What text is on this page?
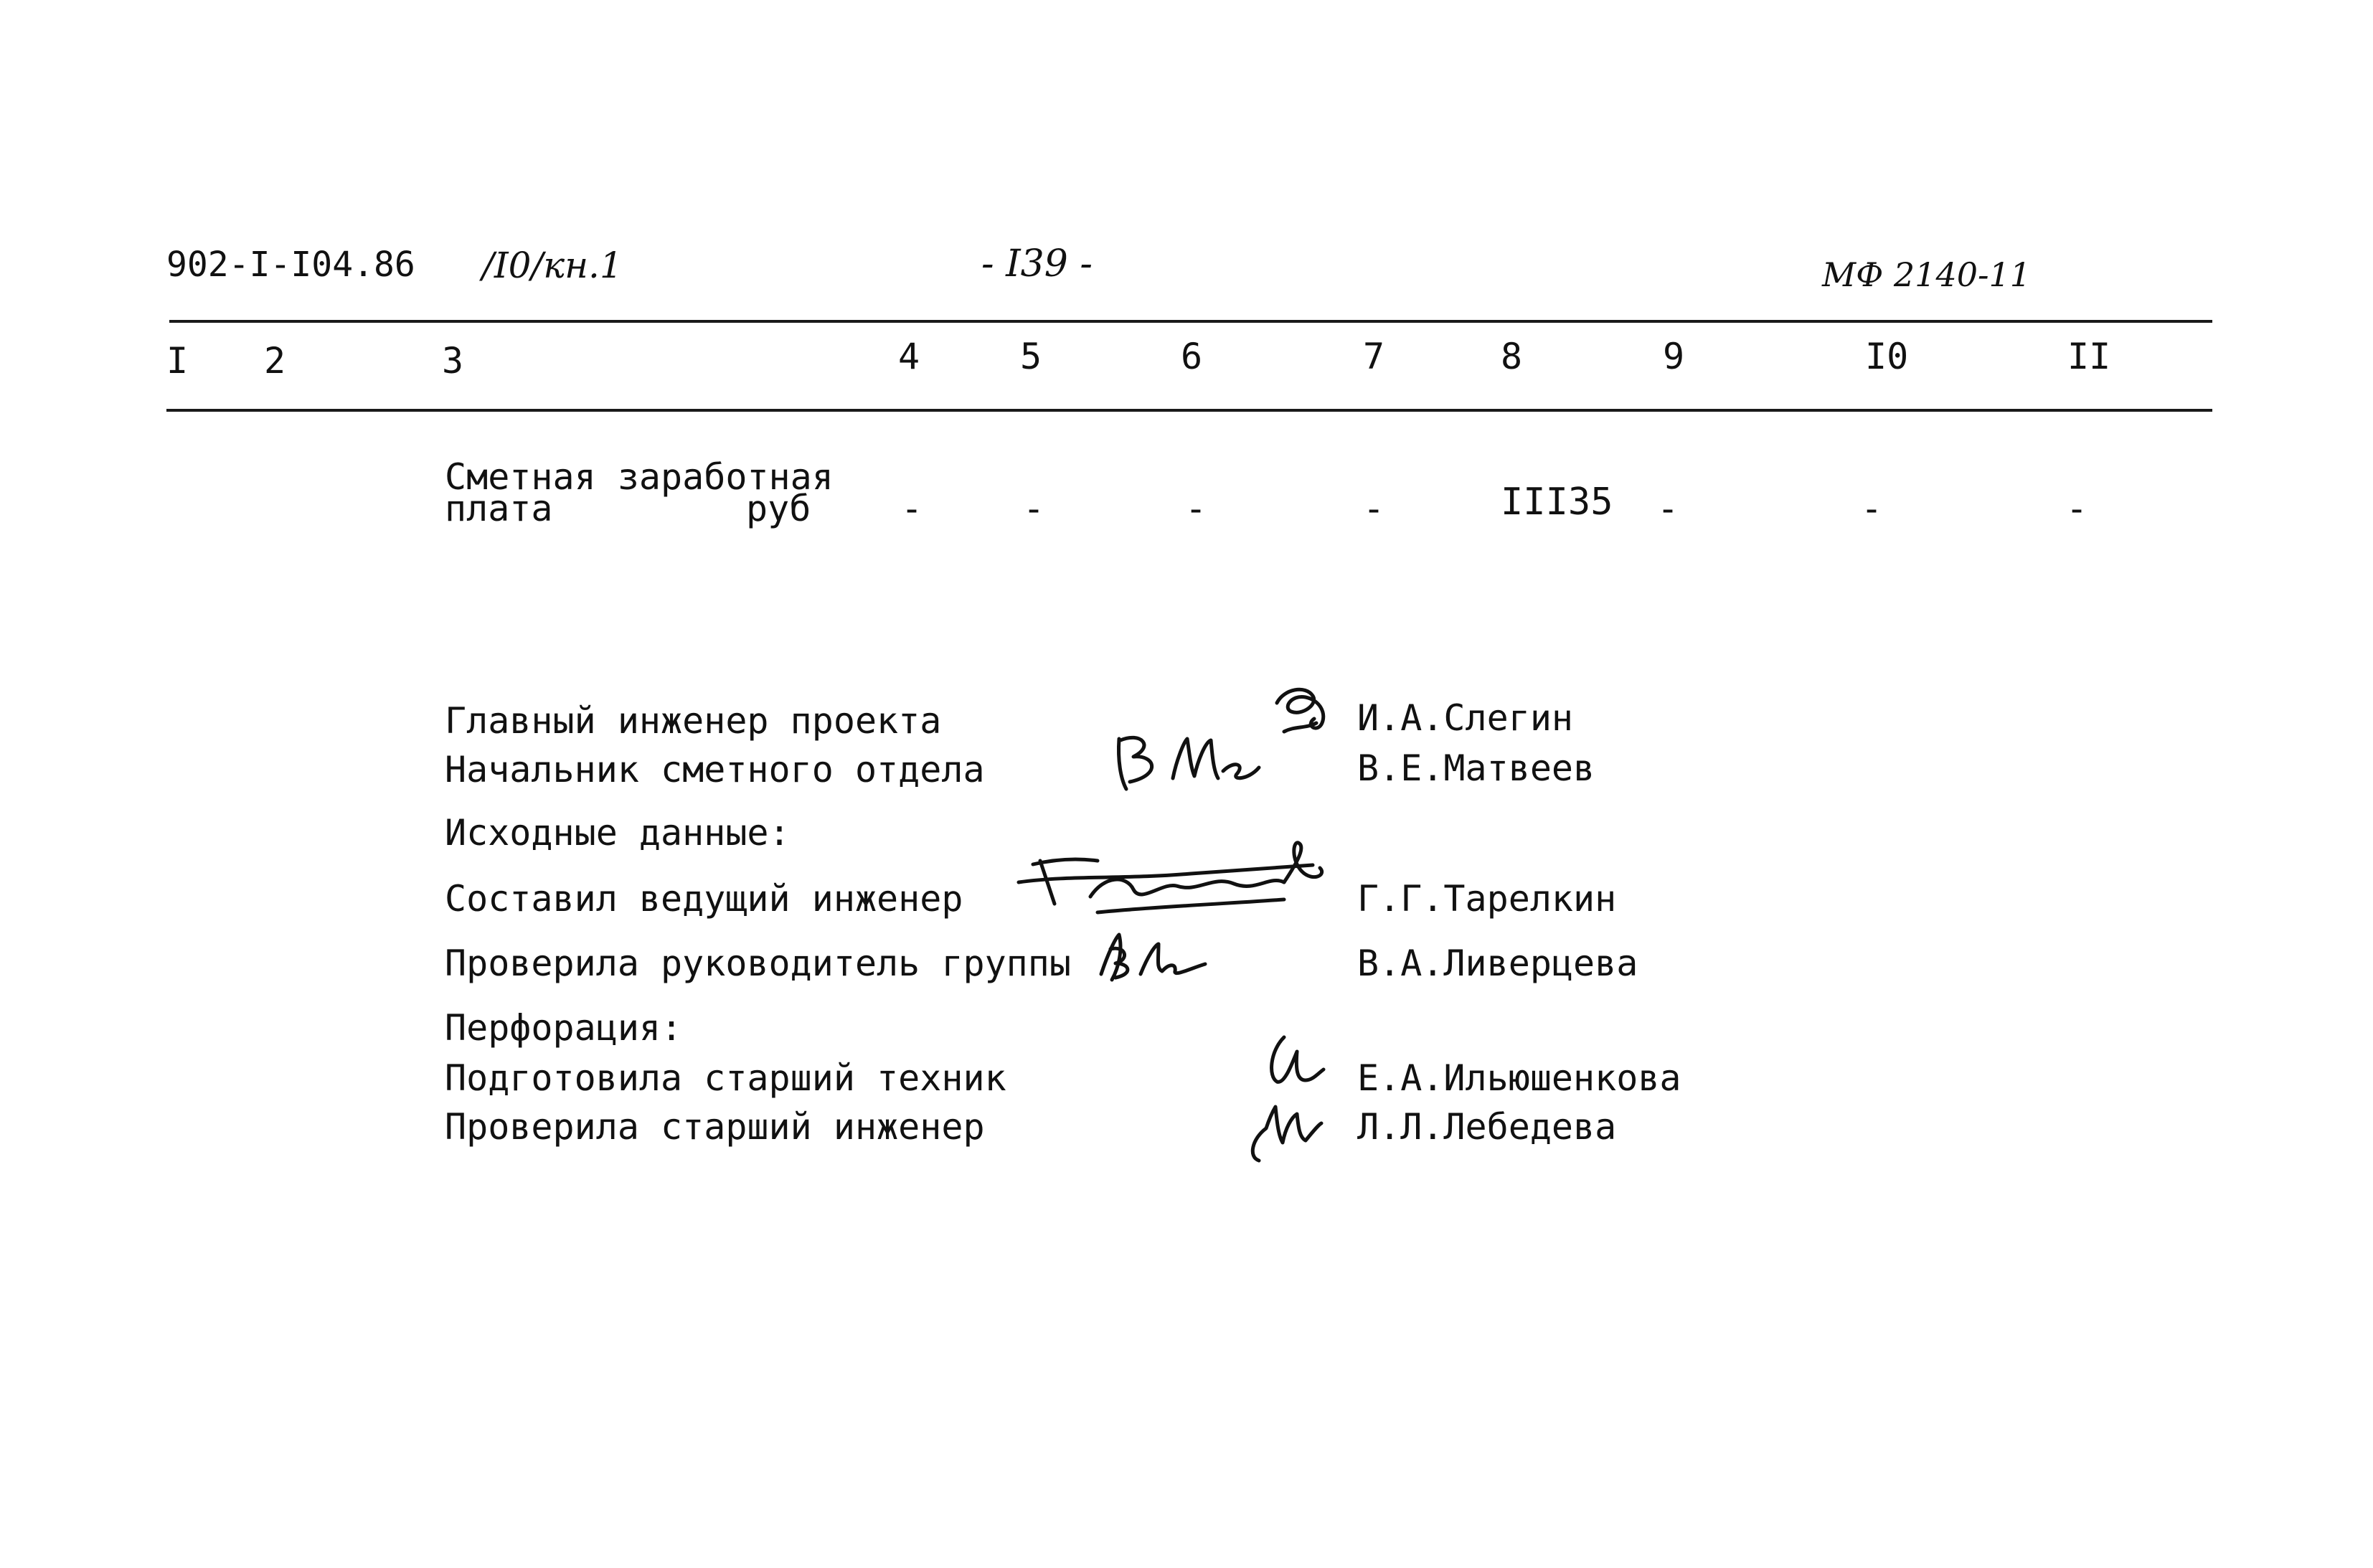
902-I-I04.86 /I0/кн.1	- I39 -	МФ 2140-11
I 2	3	4	5	6	7	8	9	I0	II
Сметная заработная
плата	руб	-	-	-	-	III35 -	-	-
Главный инженер проекта	И.А.Слегин
Начальник сметного отдела	В.Е.Матвеев
Исходные данные:
Составил ведущий инженер	Г.Г.Тарелкин
Проверила руководитель группы	В.А.Ливерцева
Перфорация:
Подготовила старший техник	Е.А.Ильюшенкова
Проверила старший инженер	Л.Л.Лебедева
